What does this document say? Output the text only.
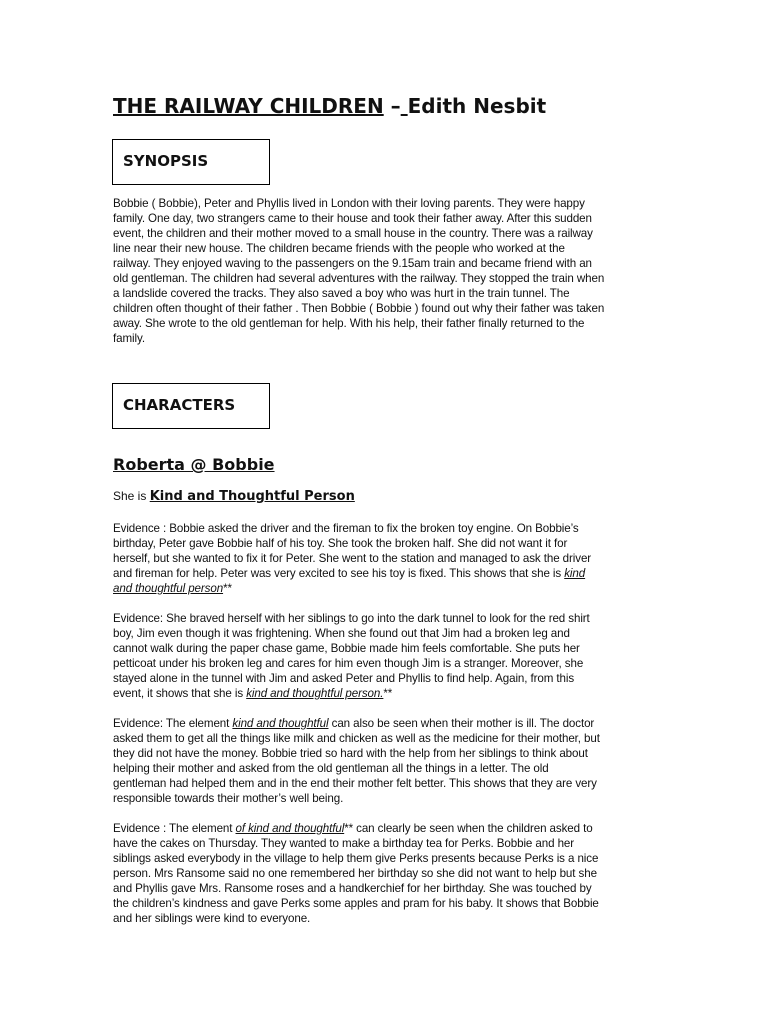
THE RAILWAY CHILDREN – Edith Nesbit
SYNOPSIS

Bobbie ( Bobbie), Peter and Phyllis lived in London with their loving parents. They were happy
family. One day, two strangers came to their house and took their father away. After this sudden
event, the children and their mother moved to a small house in the country. There was a railway
line near their new house. The children became friends with the people who worked at the
railway. They enjoyed waving to the passengers on the 9.15am train and became friend with an
old gentleman. The children had several adventures with the railway. They stopped the train when
a landslide covered the tracks. They also saved a boy who was hurt in the train tunnel. The
children often thought of their father . Then Bobbie ( Bobbie ) found out why their father was taken
away. She wrote to the old gentleman for help. With his help, their father finally returned to the
family.

CHARACTERS
Roberta @ Bobbie
She is Kind and Thoughtful Person

Evidence : Bobbie asked the driver and the fireman to fix the broken toy engine. On Bobbie’s
birthday, Peter gave Bobbie half of his toy. She took the broken half. She did not want it for
herself, but she wanted to fix it for Peter. She went to the station and managed to ask the driver
and fireman for help. Peter was very excited to see his toy is fixed. This shows that she is kind
and thoughtful person**

Evidence: She braved herself with her siblings to go into the dark tunnel to look for the red shirt
boy, Jim even though it was frightening. When she found out that Jim had a broken leg and
cannot walk during the paper chase game, Bobbie made him feels comfortable. She puts her
petticoat under his broken leg and cares for him even though Jim is a stranger. Moreover, she
stayed alone in the tunnel with Jim and asked Peter and Phyllis to find help. Again, from this
event, it shows that she is kind and thoughtful person.**

Evidence: The element kind and thoughtful can also be seen when their mother is ill. The doctor
asked them to get all the things like milk and chicken as well as the medicine for their mother, but
they did not have the money. Bobbie tried so hard with the help from her siblings to think about
helping their mother and asked from the old gentleman all the things in a letter. The old
gentleman had helped them and in the end their mother felt better. This shows that they are very
responsible towards their mother’s well being.

Evidence : The element of kind and thoughtful** can clearly be seen when the children asked to
have the cakes on Thursday. They wanted to make a birthday tea for Perks. Bobbie and her
siblings asked everybody in the village to help them give Perks presents because Perks is a nice
person. Mrs Ransome said no one remembered her birthday so she did not want to help but she
and Phyllis gave Mrs. Ransome roses and a handkerchief for her birthday. She was touched by
the children’s kindness and gave Perks some apples and pram for his baby. It shows that Bobbie
and her siblings were kind to everyone.
